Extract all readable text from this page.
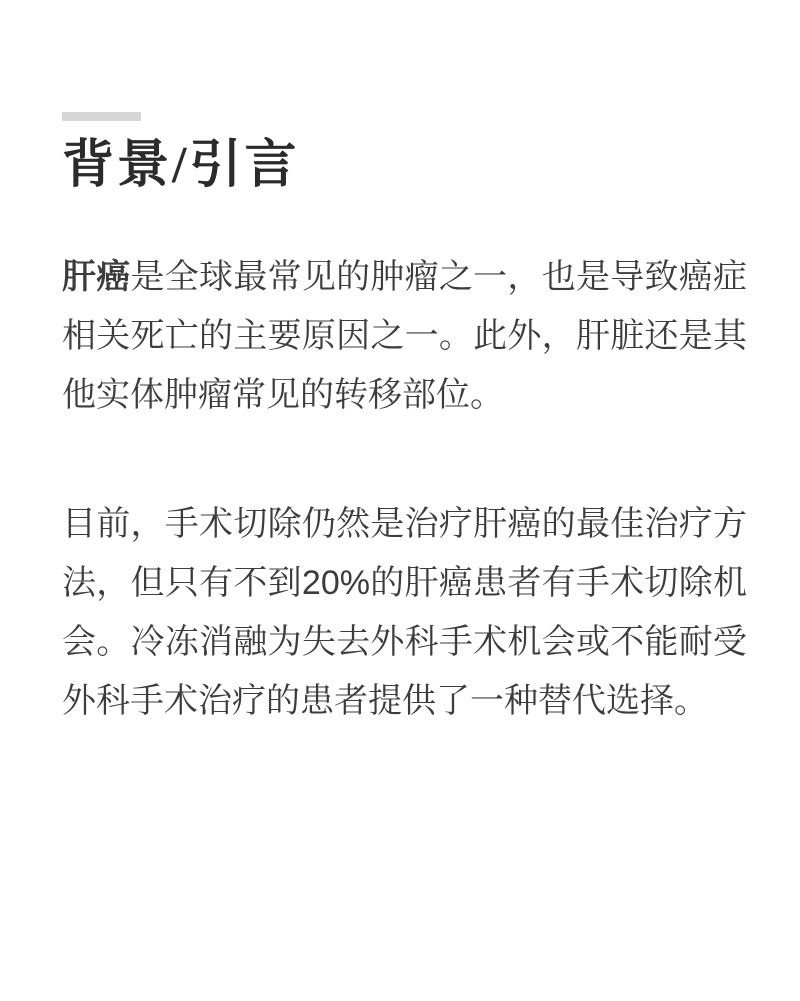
背景/引言

肝癌是全球最常见的肿瘤之一，也是导致癌症相关死亡的主要原因之一。此外，肝脏还是其他实体肿瘤常见的转移部位。

目前，手术切除仍然是治疗肝癌的最佳治疗方法，但只有不到20%的肝癌患者有手术切除机会。冷冻消融为失去外科手术机会或不能耐受外科手术治疗的患者提供了一种替代选择。
